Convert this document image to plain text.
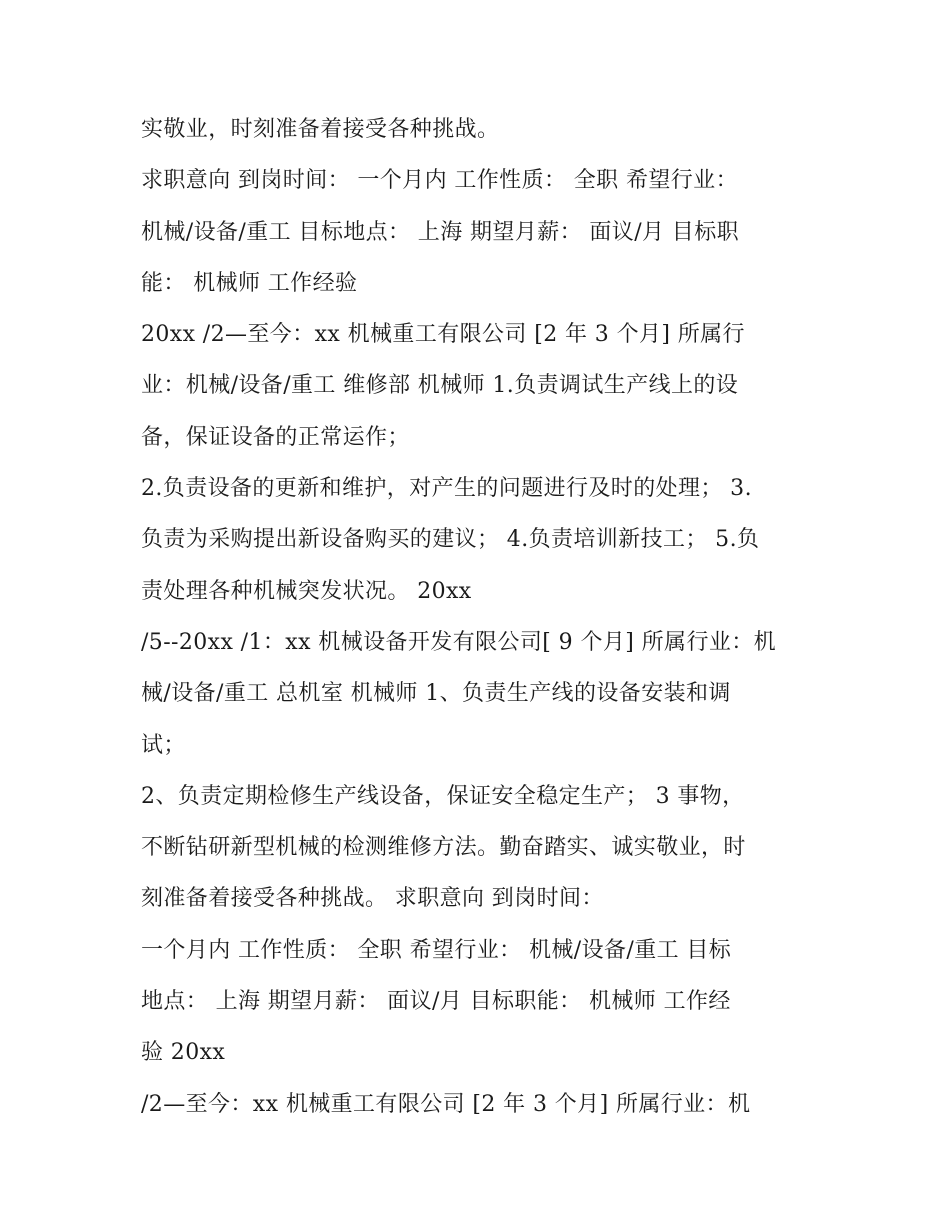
实敬业，时刻准备着接受各种挑战。
求职意向 到岗时间： 一个月内 工作性质： 全职 希望行业：
机械/设备/重工 目标地点： 上海 期望月薪： 面议/月 目标职
能： 机械师 工作经验
20xx /2—至今：xx 机械重工有限公司 [2 年 3 个月] 所属行
业：机械/设备/重工 维修部 机械师 1.负责调试生产线上的设
备，保证设备的正常运作；
2.负责设备的更新和维护，对产生的问题进行及时的处理； 3.
负责为采购提出新设备购买的建议； 4.负责培训新技工； 5.负
责处理各种机械突发状况。 20xx
/5--20xx /1：xx 机械设备开发有限公司[ 9 个月] 所属行业：机
械/设备/重工 总机室 机械师 1、负责生产线的设备安装和调
试；
2、负责定期检修生产线设备，保证安全稳定生产； 3 事物，
不断钻研新型机械的检测维修方法。勤奋踏实、诚实敬业，时
刻准备着接受各种挑战。 求职意向 到岗时间：
一个月内 工作性质： 全职 希望行业： 机械/设备/重工 目标
地点： 上海 期望月薪： 面议/月 目标职能： 机械师 工作经
验 20xx
/2—至今：xx 机械重工有限公司 [2 年 3 个月] 所属行业：机
